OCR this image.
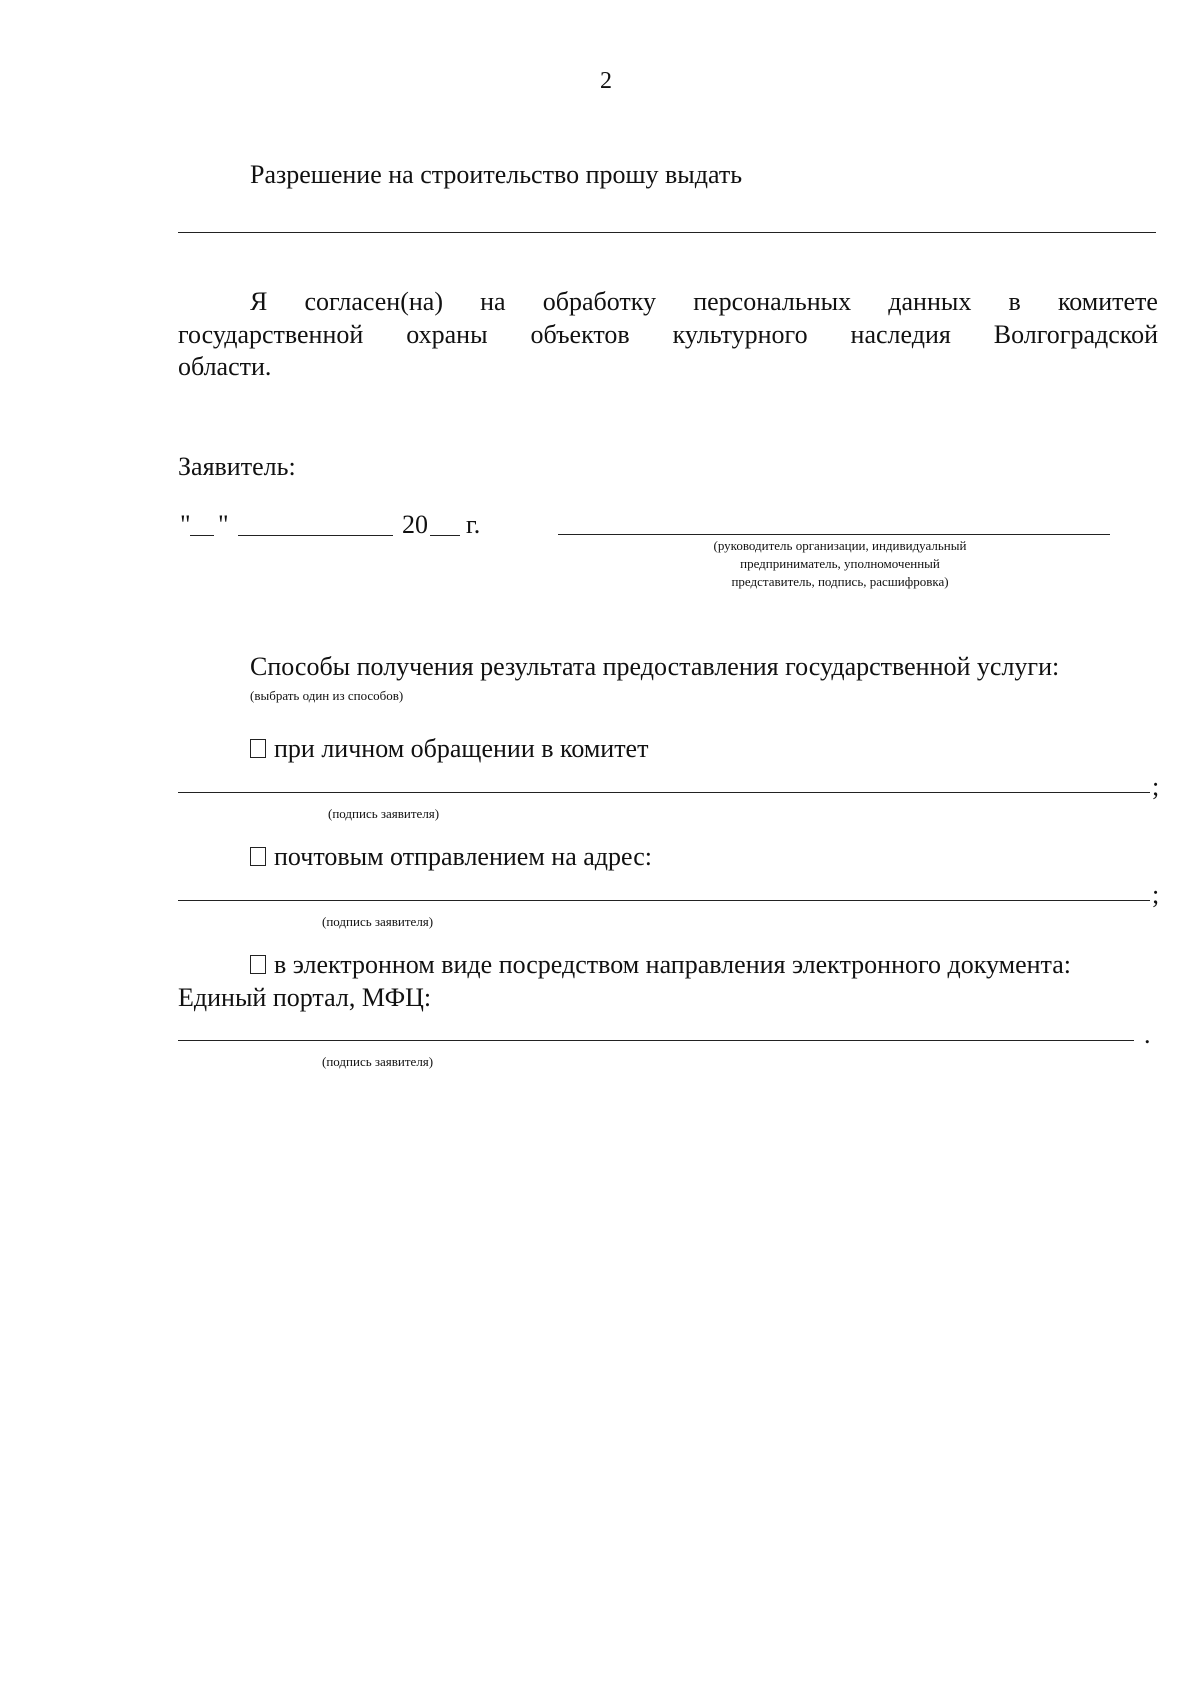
2
Разрешение на строительство прошу выдать
Я согласен(на) на обработку персональных данных в комитете
государственной охраны объектов культурного наследия Волгоградской
области.
Заявитель:
" "	20 г.
(руководитель организации, индивидуальный
предприниматель, уполномоченный
представитель, подпись, расшифровка)
Способы получения результата предоставления государственной услуги:
(выбрать один из способов)
при личном обращении в комитет
;
(подпись заявителя)
почтовым отправлением на адрес:
;
(подпись заявителя)
в электронном виде посредством направления электронного документа:
Единый портал, МФЦ:
.
(подпись заявителя)
